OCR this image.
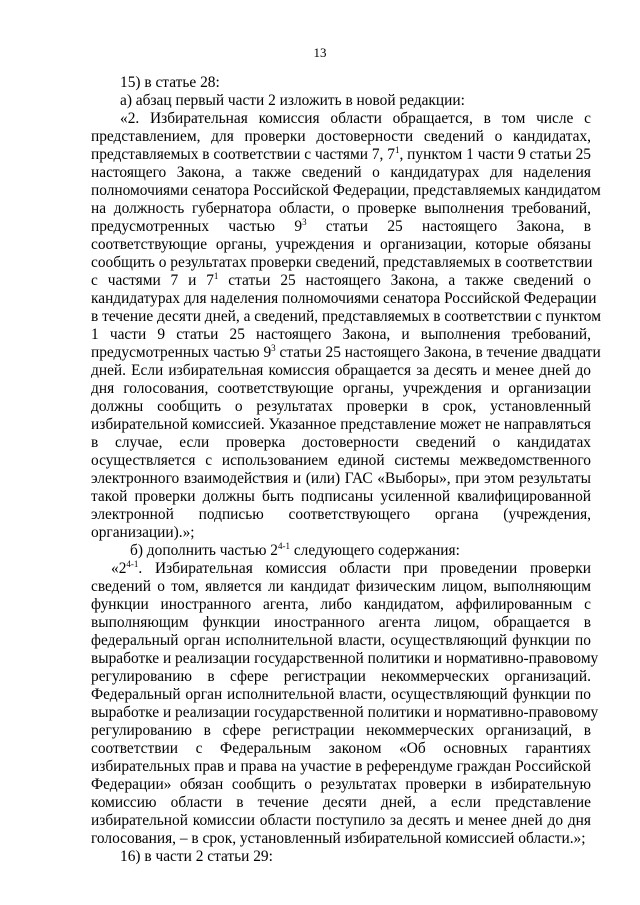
13
15) в статье 28:
а) абзац первый части 2 изложить в новой редакции:
«2. Избирательная комиссия области обращается, в том числе с
представлением, для проверки достоверности сведений о кандидатах,
представляемых в соответствии с частями 7, $7^1$, пунктом 1 части 9 статьи 25
настоящего Закона, а также сведений о кандидатурах для наделения
полномочиями сенатора Российской Федерации, представляемых кандидатом
на должность губернатора области, о проверке выполнения требований,
предусмотренных частью $9^3$ статьи 25 настоящего Закона, в
соответствующие органы, учреждения и организации, которые обязаны
сообщить о результатах проверки сведений, представляемых в соответствии
с частями 7 и $7^1$ статьи 25 настоящего Закона, а также сведений о
кандидатурах для наделения полномочиями сенатора Российской Федерации
в течение десяти дней, а сведений, представляемых в соответствии с пунктом
1 части 9 статьи 25 настоящего Закона, и выполнения требований,
предусмотренных частью $9^3$ статьи 25 настоящего Закона, в течение двадцати
дней. Если избирательная комиссия обращается за десять и менее дней до
дня голосования, соответствующие органы, учреждения и организации
должны сообщить о результатах проверки в срок, установленный
избирательной комиссией. Указанное представление может не направляться
в случае, если проверка достоверности сведений о кандидатах
осуществляется с использованием единой системы межведомственного
электронного взаимодействия и (или) ГАС «Выборы», при этом результаты
такой проверки должны быть подписаны усиленной квалифицированной
электронной подписью соответствующего органа (учреждения,
организации).»;
б) дополнить частью 2$^{4-1}$ следующего содержания:
«2$^{4-1}$. Избирательная комиссия области при проведении проверки
сведений о том, является ли кандидат физическим лицом, выполняющим
функции иностранного агента, либо кандидатом, аффилированным с
выполняющим функции иностранного агента лицом, обращается в
федеральный орган исполнительной власти, осуществляющий функции по
выработке и реализации государственной политики и нормативно-правовому
регулированию в сфере регистрации некоммерческих организаций.
Федеральный орган исполнительной власти, осуществляющий функции по
выработке и реализации государственной политики и нормативно-правовому
регулированию в сфере регистрации некоммерческих организаций, в
соответствии с Федеральным законом «Об основных гарантиях
избирательных прав и права на участие в референдуме граждан Российской
Федерации» обязан сообщить о результатах проверки в избирательную
комиссию области в течение десяти дней, а если представление
избирательной комиссии области поступило за десять и менее дней до дня
голосования, – в срок, установленный избирательной комиссией области.»;
16) в части 2 статьи 29:
